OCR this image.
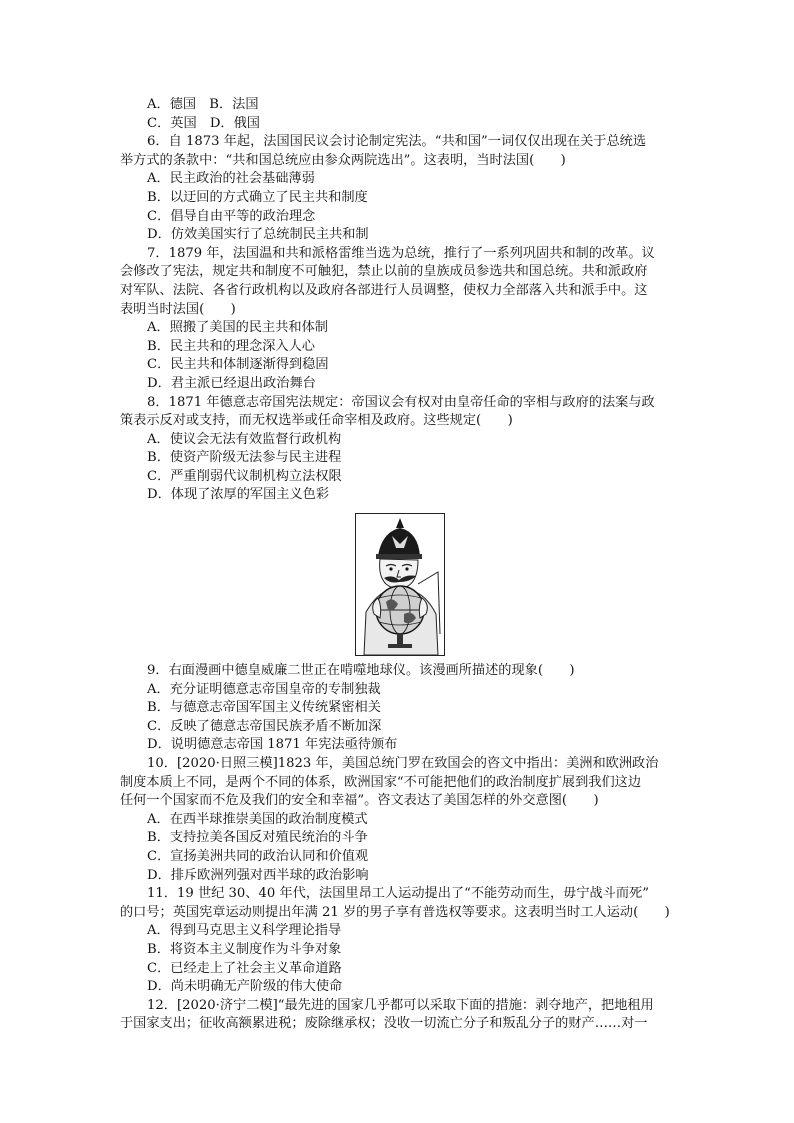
A．德国　B．法国
C．英国　D．俄国
6．自 1873 年起，法国国民议会讨论制定宪法。“共和国”一词仅仅出现在关于总统选
举方式的条款中：“共和国总统应由参众两院选出”。这表明，当时法国(　　)
A．民主政治的社会基础薄弱
B．以迂回的方式确立了民主共和制度
C．倡导自由平等的政治理念
D．仿效美国实行了总统制民主共和制
7．1879 年，法国温和共和派格雷维当选为总统，推行了一系列巩固共和制的改革。议
会修改了宪法，规定共和制度不可触犯，禁止以前的皇族成员参选共和国总统。共和派政府
对军队、法院、各省行政机构以及政府各部进行人员调整，使权力全部落入共和派手中。这
表明当时法国(　　)
A．照搬了美国的民主共和体制
B．民主共和的理念深入人心
C．民主共和体制逐渐得到稳固
D．君主派已经退出政治舞台
8．1871 年德意志帝国宪法规定：帝国议会有权对由皇帝任命的宰相与政府的法案与政
策表示反对或支持，而无权选举或任命宰相及政府。这些规定(　　)
A．使议会无法有效监督行政机构
B．使资产阶级无法参与民主进程
C．严重削弱代议制机构立法权限
D．体现了浓厚的军国主义色彩
9．右面漫画中德皇威廉二世正在啃噬地球仪。该漫画所描述的现象(　　)
A．充分证明德意志帝国皇帝的专制独裁
B．与德意志帝国军国主义传统紧密相关
C．反映了德意志帝国民族矛盾不断加深
D．说明德意志帝国 1871 年宪法亟待颁布
10．[2020·日照三模]1823 年，美国总统门罗在致国会的咨文中指出：美洲和欧洲政治
制度本质上不同，是两个不同的体系，欧洲国家“不可能把他们的政治制度扩展到我们这边
任何一个国家而不危及我们的安全和幸福”。咨文表达了美国怎样的外交意图(　　)
A．在西半球推崇美国的政治制度模式
B．支持拉美各国反对殖民统治的斗争
C．宣扬美洲共同的政治认同和价值观
D．排斥欧洲列强对西半球的政治影响
11．19 世纪 30、40 年代，法国里昂工人运动提出了“不能劳动而生，毋宁战斗而死”
的口号；英国宪章运动则提出年满 21 岁的男子享有普选权等要求。这表明当时工人运动(　　)
A．得到马克思主义科学理论指导
B．将资本主义制度作为斗争对象
C．已经走上了社会主义革命道路
D．尚未明确无产阶级的伟大使命
12．[2020·济宁二模]“最先进的国家几乎都可以采取下面的措施：剥夺地产，把地租用
于国家支出；征收高额累进税；废除继承权；没收一切流亡分子和叛乱分子的财产……对一
